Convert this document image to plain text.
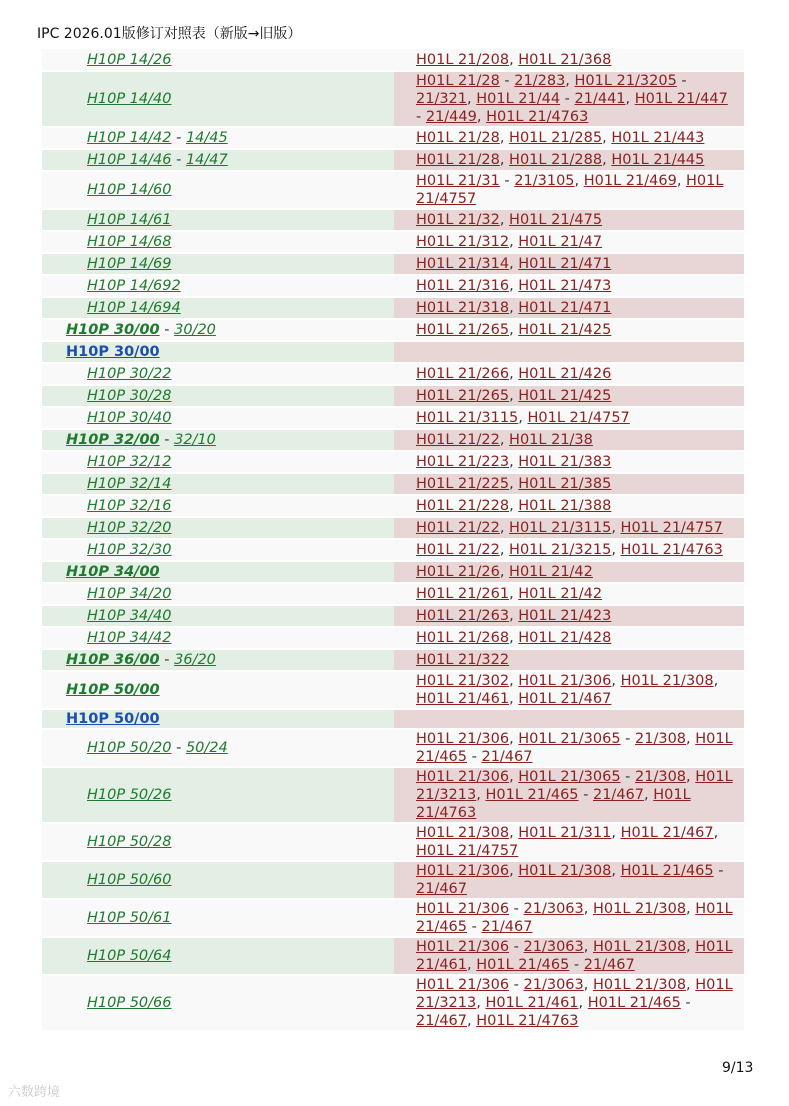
IPC 2026.01版修订对照表（新版→旧版）
H10P 14/26	H01L 21/208, H01L 21/368

H10P 14/40	H01L 21/28 - 21/283, H01L 21/3205 - 21/321, H01L 21/44 - 21/441, H01L 21/447 - 21/449, H01L 21/4763

H10P 14/42 - 14/45	H01L 21/28, H01L 21/285, H01L 21/443

H10P 14/46 - 14/47	H01L 21/28, H01L 21/288, H01L 21/445

H10P 14/60	H01L 21/31 - 21/3105, H01L 21/469, H01L 21/4757

H10P 14/61	H01L 21/32, H01L 21/475

H10P 14/68	H01L 21/312, H01L 21/47

H10P 14/69	H01L 21/314, H01L 21/471

H10P 14/692	H01L 21/316, H01L 21/473

H10P 14/694	H01L 21/318, H01L 21/471

H10P 30/00 - 30/20	H01L 21/265, H01L 21/425

H10P 30/00	

H10P 30/22	H01L 21/266, H01L 21/426

H10P 30/28	H01L 21/265, H01L 21/425

H10P 30/40	H01L 21/3115, H01L 21/4757

H10P 32/00 - 32/10	H01L 21/22, H01L 21/38

H10P 32/12	H01L 21/223, H01L 21/383

H10P 32/14	H01L 21/225, H01L 21/385

H10P 32/16	H01L 21/228, H01L 21/388

H10P 32/20	H01L 21/22, H01L 21/3115, H01L 21/4757

H10P 32/30	H01L 21/22, H01L 21/3215, H01L 21/4763

H10P 34/00	H01L 21/26, H01L 21/42

H10P 34/20	H01L 21/261, H01L 21/42

H10P 34/40	H01L 21/263, H01L 21/423

H10P 34/42	H01L 21/268, H01L 21/428

H10P 36/00 - 36/20	H01L 21/322

H10P 50/00	H01L 21/302, H01L 21/306, H01L 21/308, H01L 21/461, H01L 21/467

H10P 50/00	

H10P 50/20 - 50/24	H01L 21/306, H01L 21/3065 - 21/308, H01L 21/465 - 21/467

H10P 50/26	H01L 21/306, H01L 21/3065 - 21/308, H01L 21/3213, H01L 21/465 - 21/467, H01L 21/4763

H10P 50/28	H01L 21/308, H01L 21/311, H01L 21/467, H01L 21/4757

H10P 50/60	H01L 21/306, H01L 21/308, H01L 21/465 - 21/467

H10P 50/61	H01L 21/306 - 21/3063, H01L 21/308, H01L 21/465 - 21/467

H10P 50/64	H01L 21/306 - 21/3063, H01L 21/308, H01L 21/461, H01L 21/465 - 21/467

H10P 50/66	H01L 21/306 - 21/3063, H01L 21/308, H01L 21/3213, H01L 21/461, H01L 21/465 - 21/467, H01L 21/4763
9/13
六数跨境
